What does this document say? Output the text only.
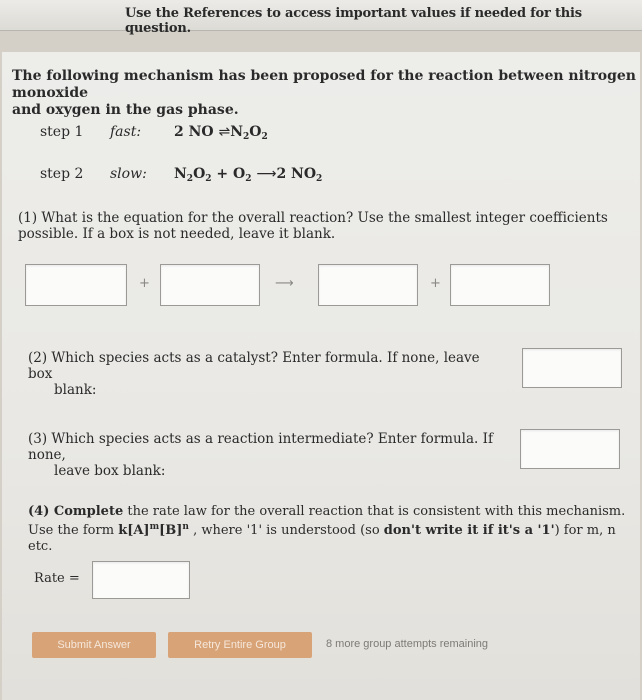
Use the References to access important values if needed for this question.
The following mechanism has been proposed for the reaction between nitrogen monoxide
and oxygen in the gas phase.
step 1 fast: 2 NO $\rightleftharpoons N_2O_2$
step 2 slow: $N_2O_2 + O_2$ ⟶2 $NO_2$
(1) What is the equation for the overall reaction? Use the smallest integer coefficients
possible. If a box is not needed, leave it blank.
+	⟶	+
(2) Which species acts as a catalyst? Enter formula. If none, leave box
blank:
(3) Which species acts as a reaction intermediate? Enter formula. If none,
leave box blank:
(4) Complete the rate law for the overall reaction that is consistent with this mechanism.
Use the form $k[A]^m[B]^n$ , where '1' is understood (so don't write it if it's a '1') for m, n etc.
Rate =
Submit Answer	Retry Entire Group	8 more group attempts remaining
